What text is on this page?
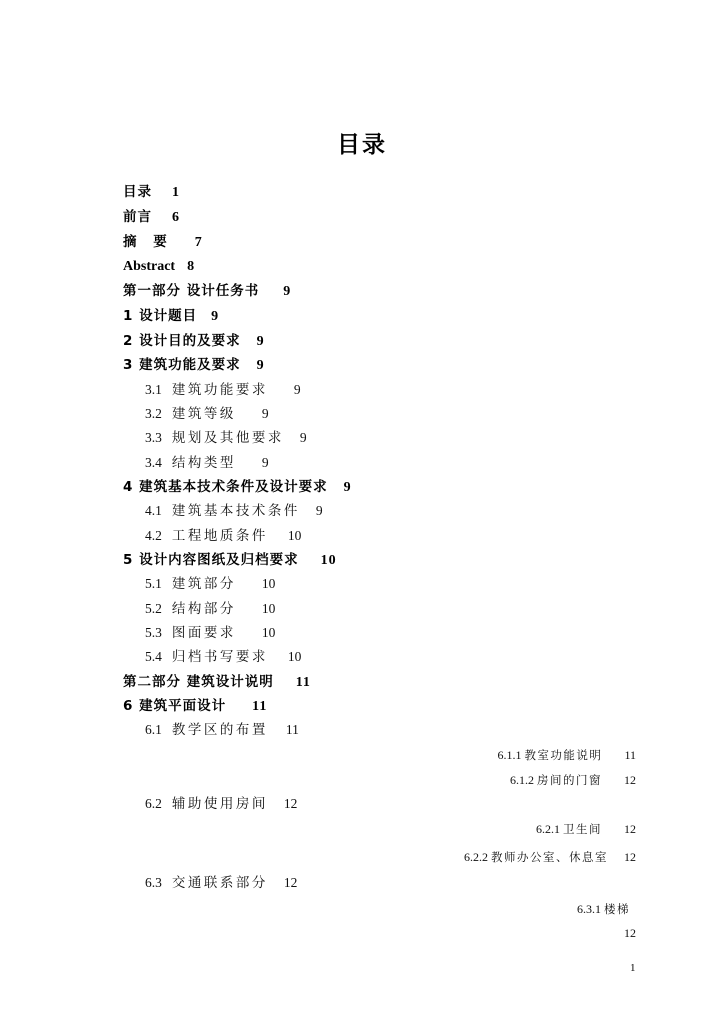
目录
目录 1
前言 6
摘 要 7
Abstract 8
第一部分 设计任务书 9
1 设计题目 9
2 设计目的及要求 9
3 建筑功能及要求 9
3.1 建筑功能要求 9
3.2 建筑等级 9
3.3 规划及其他要求 9
3.4 结构类型 9
4 建筑基本技术条件及设计要求 9
4.1 建筑基本技术条件 9
4.2 工程地质条件 10
5 设计内容图纸及归档要求 10
5.1 建筑部分 10
5.2 结构部分 10
5.3 图面要求 10
5.4 归档书写要求 10
第二部分 建筑设计说明 11
6 建筑平面设计 11
6.1 教学区的布置 11
6.1.1 教室功能说明 11
6.1.2 房间的门窗 12
6.2 辅助使用房间 12
6.2.1 卫生间 12
6.2.2 教师办公室、休息室 12
6.3 交通联系部分 12
6.3.1 楼梯
12
1
